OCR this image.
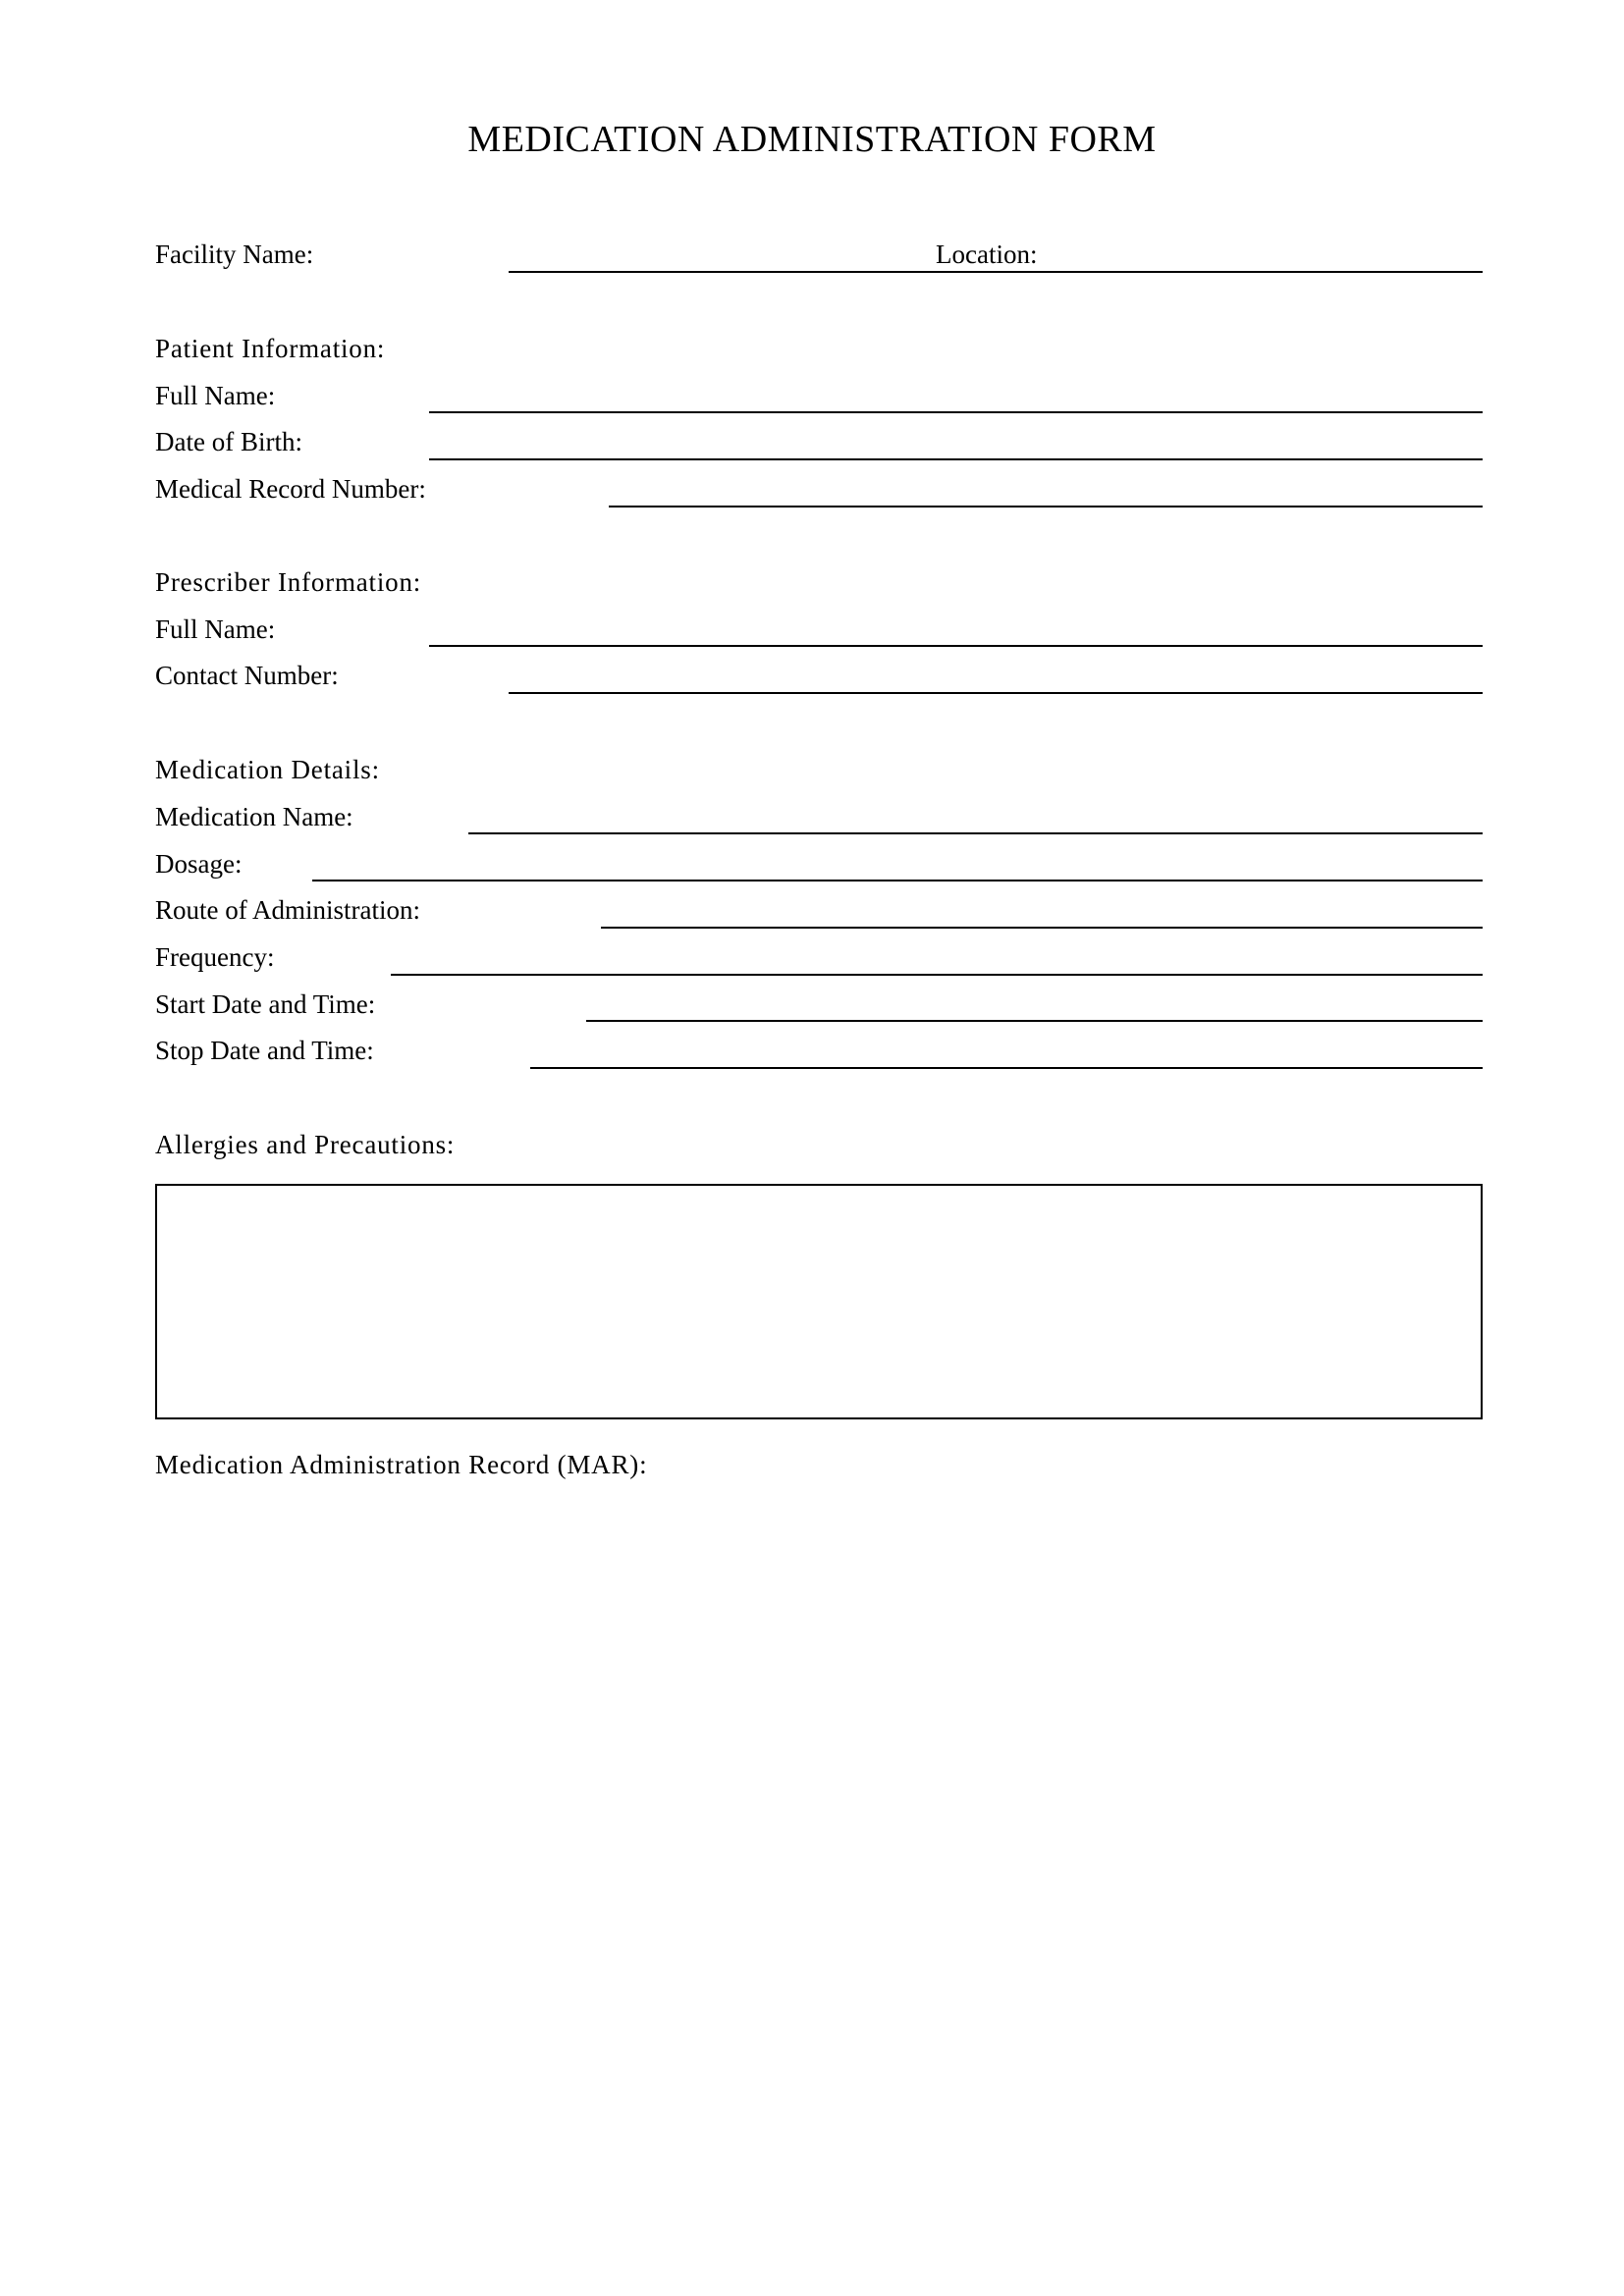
MEDICATION ADMINISTRATION FORM
Facility Name:	Location:
Patient Information:
Full Name:
Date of Birth:
Medical Record Number:
Prescriber Information:
Full Name:
Contact Number:
Medication Details:
Medication Name:
Dosage:
Route of Administration:
Frequency:
Start Date and Time:
Stop Date and Time:
Allergies and Precautions:
Medication Administration Record (MAR):
